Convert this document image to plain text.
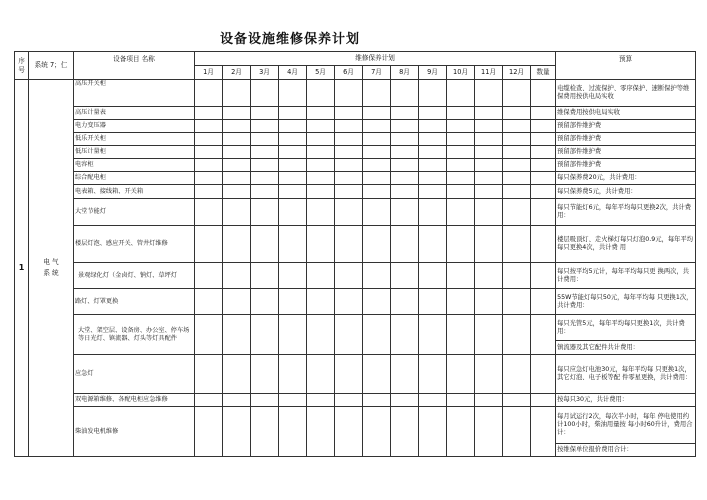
设备设施维修保养计划
序号	系统 7；仁	设备项目 名称	维修保养计划													预算
			1月	2月	3月	4月	5月	6月	7月	8月	9月	10月	11月	12月	数量	
1	电 气 系 统	高压开关柜														电缆检查、过流保护、零序保护、速断保护等维保费用按供电局实收
		高压计量表														维保费用按供电局实收
		电力变压器														预留部件维护费
		低乐开关柜														预留部件维护费
		低压计量柜														预留部件维护费
		电容柜														预留部件维护费
		综合配电柜														每只保养费20元，共计费用：
		电表箱、接线箱、开关箱														每只保养费5元，共计费用：
		大堂节能灯														每只节能灯6元，每年平均每只更换2次，共计费用：
		楼层灯泡、感应开关、管井灯维修														楼层吸顶灯、走火梯灯每只灯泡0.9元，每年平均每只更换4次，共计费 用
		景观绿化灯（金卤灯、钠灯、草坪灯														每只按平均5元计，每年平均每只更 换两次，共计费用：
		路灯、灯罩更换														55W节能灯每只50元，每年平均每 只更换1次，共计费用：
		大堂、架空层、设备房、办公室、停车场等日光灯、镇流器、灯头等灯具配件														每只光管5元，每年平均每只更换1次，共计费用：
																镇流器及其它配件共计费用：
		应急灯														每只应急灯电池30元，每年平均每 只更换1次，其它灯泡、电子板等配 件零星更换，共计费用：
		双电源箱维修、各配电柜应急维修														按每只30元，共计费用：
		柴油发电机维修														每月试运行2次，每次半小时，每年 停电使用约计100小时，柴油用量按 每小时60升计，费用合计：
																按维保单位报价费用合计：
